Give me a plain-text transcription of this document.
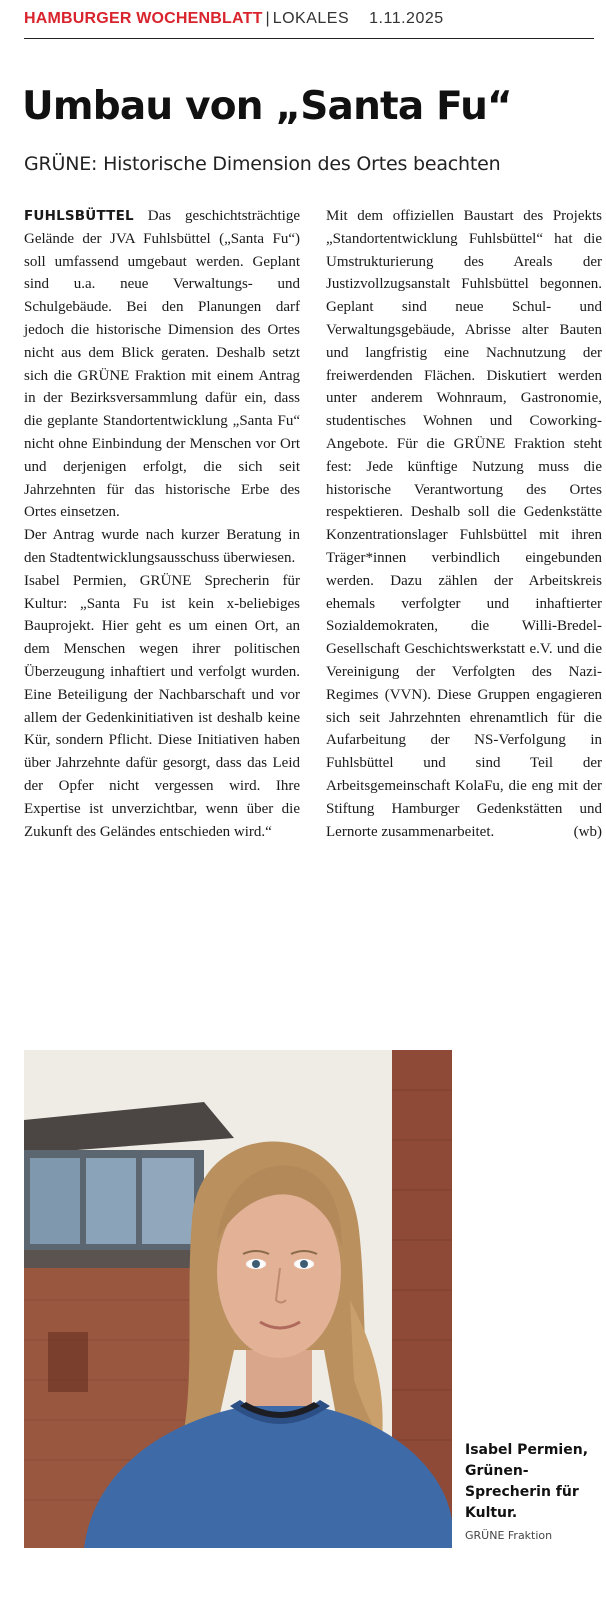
HAMBURGER WOCHENBLATT | LOKALES 1.11.2025
Umbau von „Santa Fu“
GRÜNE: Historische Dimension des Ortes beachten

FUHLSBÜTTEL Das geschichtsträchtige Gelände der JVA Fuhlsbüttel („Santa Fu“) soll umfassend umgebaut werden. Geplant sind u.a. neue Verwaltungs- und Schulgebäude. Bei den Planungen darf jedoch die historische Dimension des Ortes nicht aus dem Blick geraten. Deshalb setzt sich die GRÜNE Fraktion mit einem Antrag in der Bezirksversammlung dafür ein, dass die geplante Standortentwicklung „Santa Fu“ nicht ohne Einbindung der Menschen vor Ort und derjenigen erfolgt, die sich seit Jahrzehnten für das historische Erbe des Ortes einsetzen.

Der Antrag wurde nach kurzer Beratung in den Stadtentwicklungsausschuss überwiesen.

Isabel Permien, GRÜNE Sprecherin für Kultur: „Santa Fu ist kein x-beliebiges Bauprojekt. Hier geht es um einen Ort, an dem Menschen wegen ihrer politischen Überzeugung inhaftiert und verfolgt wurden. Eine Beteiligung der Nachbarschaft und vor allem der Gedenkinitiativen ist deshalb keine Kür, sondern Pflicht. Diese Initiativen haben über Jahrzehnte dafür gesorgt, dass das Leid der Opfer nicht vergessen wird. Ihre Expertise ist unverzichtbar, wenn über die Zukunft des Geländes entschieden wird.“

Mit dem offiziellen Baustart des Projekts „Standortentwicklung Fuhlsbüttel“ hat die Umstrukturierung des Areals der Justizvollzugsanstalt Fuhlsbüttel begonnen. Geplant sind neue Schul- und Verwaltungsgebäude, Abrisse alter Bauten und langfristig eine Nachnutzung der freiwerdenden Flächen. Diskutiert werden unter anderem Wohnraum, Gastronomie, studentisches Wohnen und Coworking-Angebote. Für die GRÜNE Fraktion steht fest: Jede künftige Nutzung muss die historische Verantwortung des Ortes respektieren. Deshalb soll die Gedenkstätte Konzentrationslager Fuhlsbüttel mit ihren Träger*innen verbindlich eingebunden werden. Dazu zählen der Arbeitskreis ehemals verfolgter und inhaftierter Sozialdemokraten, die Willi-Bredel-Gesellschaft Geschichtswerkstatt e.V. und die Vereinigung der Verfolgten des Nazi-Regimes (VVN). Diese Gruppen engagieren sich seit Jahrzehnten ehrenamtlich für die Aufarbeitung der NS-Verfolgung in Fuhlsbüttel und sind Teil der Arbeitsgemeinschaft KolaFu, die eng mit der Stiftung Hamburger Gedenkstätten und Lernorte zusammenarbeitet.	(wb)

Isabel Permien, Grünen-Sprecherin für Kultur.
GRÜNE Fraktion
